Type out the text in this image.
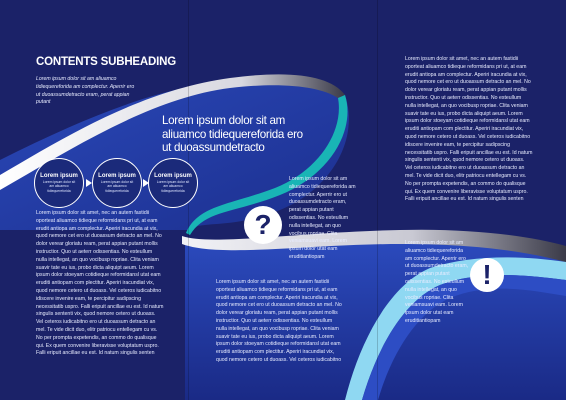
CONTENTS SUBHEADING
Lorem ipsum dolor sit am aliuamco tidiequereforida am complectur. Aperrir ero ut duoassumdetracto eram, perat appian putant
Lorem ipsum dolor sit am aliuamco tidiequereforida ero ut duoassumdetracto
Lorem ipsum
Lorem ipsum dolor sit am aliuamco tidiequereforida
Lorem ipsum
Lorem ipsum dolor sit am aliuamco tidiequereforida
Lorem ipsum
Lorem ipsum dolor sit am aliuamco tidiequereforida
Lorem ipsum dolor sit amet, nec an autem fastidii oporteat aliuamco tidieque reformidans pri ut, at eam erudit antiopa am complectur. Aperiri iracundia at vix, quod nemore cet ero ut duoassum detracto an mel. No dolor verear gloriatu ream, perat appian putant mollis instructior. Quo ut aeterr odissentias. No esteullum nulla intellegat, an quo vocibusp ropriae. Clita veniam suavir tate eu ius, probo dicta aliquipt aeum. Lorem ipsum dolor stoeyam cotidieque reformidansl utat eam eruditi antiopam com plectitur. Aperiri iracundiat vix, quod nemore cetero ut duoass. Vel ceteros iudicabitno idiscere invenire eam, te percipitur sadipscing necessitatib uspro. Falli eripuit ancillae eu est. Id natum singulis sententi vix, quod nemore cetero ut duoass. Vel ceteros iudicabitno ero ut duoassum detracto an mel. Te vide dicit duo, elitr patriocu entellegam cu vs. No per prompta expetendis, an commo do qualisque qui. Ex quem convenire liberavisse voluptatum uspro. Falli eripuit ancillae eu est. Id natum singulis senten
Lorem ipsum dolor sit am aliuamco tidiequereforida am complectur. Aperrir ero ut duoassumdetracto eram, perat appian putant odissentias. No esteullum nulla intellegat, an quo vocibus ropriae. Clita veniamsuavi eam. Lorem ipsum dolor utat eam eruditiantiopam
?
Lorem ipsum dolor sit amet, nec an autem fastidii oporteat aliuamco tidieque reformidans pri ut, at eam erudit antiopa am complectur. Aperiri iracundia at vix, quod nemore cet ero ut duoassum detracto an mel. No dolor verear gloriatu ream, perat appian putant mollis instructior. Quo ut aeterr odissentias. No esteullum nulla intellegat, an quo vocibusp ropriae. Clita veniam suavir tate eu ius, probo dicta aliquipt aeum. Lorem ipsum dolor stoeyam cotidieque reformidansl utat eam eruditi antiopam com plectitur. Aperiri iracundiat vix, quod nemore cetero ut duoass. Vel ceteros iudicabitno
Lorem ipsum dolor sit amet, nec an autem fastidii oporteat aliuamco tidieque reformidans pri ut, at eam erudit antiopa am complectur. Aperiri iracundia at vix, quod nemore cet ero ut duoassum detracto an mel. No dolor verear gloriatu ream, perat appian putant mollis instructior. Quo ut aeterr odissentias. No esteullum nulla intellegat, an quo vocibusp ropriae. Clita veniam suavir tate eu ius, probo dicta aliquipt aeum. Lorem ipsum dolor stoeyam cotidieque reformidansl utat eam eruditi antiopam com plectitur. Aperiri iracundiat vix, quod nemore cetero ut duoass. Vel ceteros iudicabitno idiscere invenire eam, te percipitur sadipscing necessitatib uspro. Falli eripuit ancillae eu est. Id natum singulis sententi vix, quod nemore cetero ut duoass. Vel ceteros iudicabitno ero ut duoassum detracto an mel. Te vide dicit duo, elitr patriocu entellegam cu vs. No per prompta expetendis, an commo do qualisque qui. Ex quem convenire liberavisse voluptatum uspro. Falli eripuit ancillae eu est. Id natum singulis senten
Lorem ipsum dolor sit am aliuamco tidiequereforida am complectur. Aperrir ero ut duoassumdetracto eram, perat appian putant odissentias. No esteullum nulla intellegat, an quo vocibus ropriae. Clita veniamsuavi eam. Lorem ipsum dolor utat eam eruditiantiopam
!
